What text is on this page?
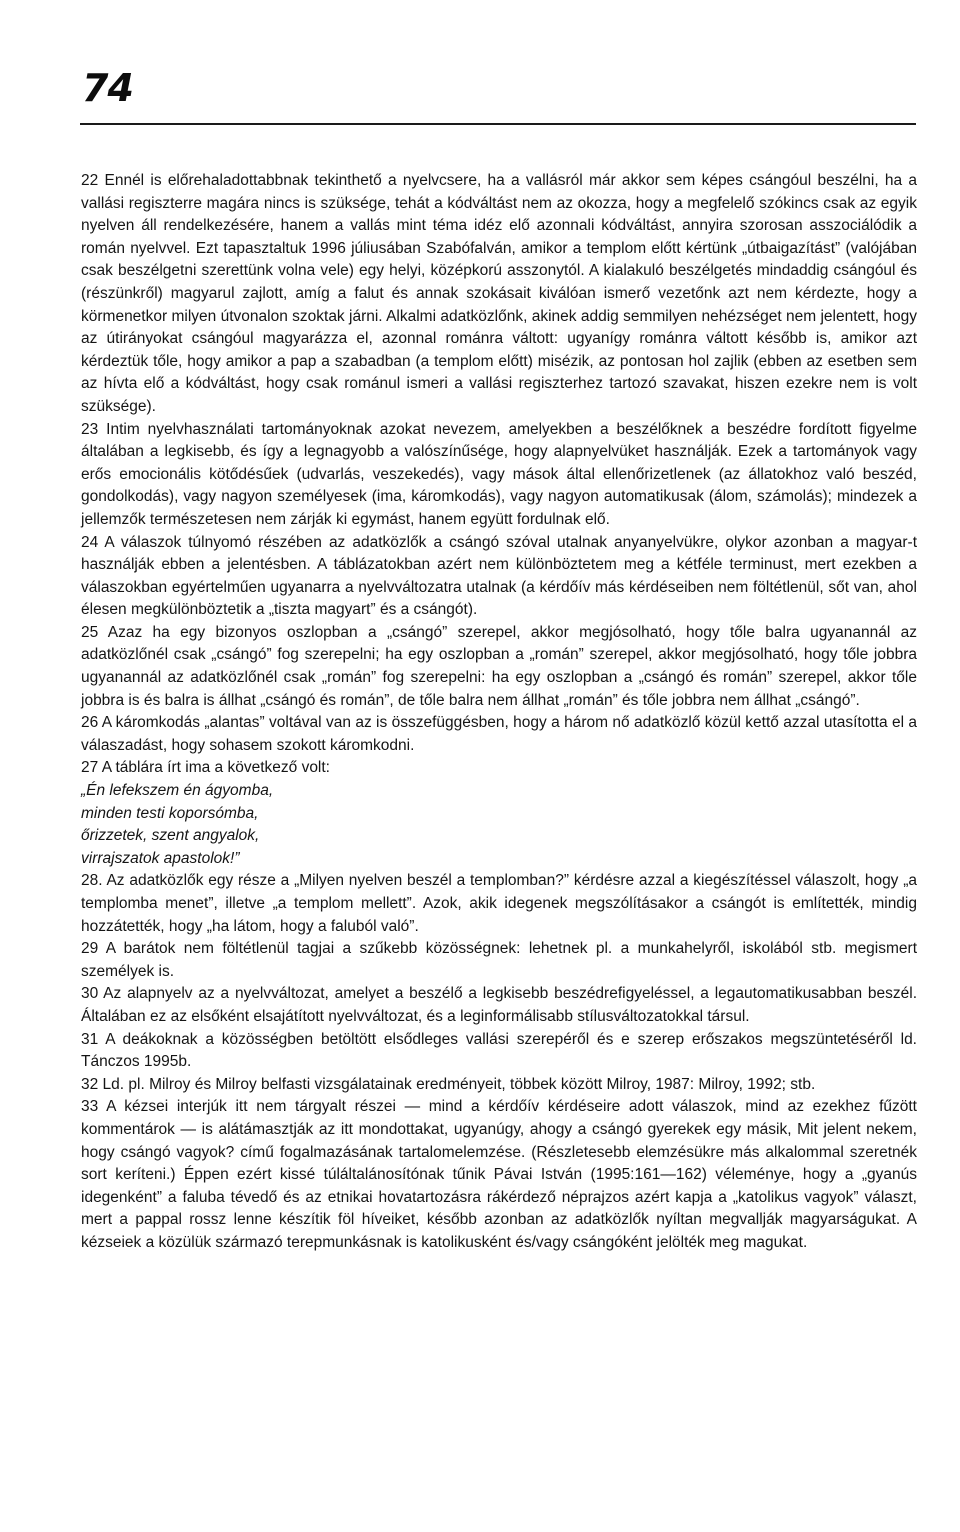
74

22 Ennél is előrehaladottabbnak tekinthető a nyelvcsere, ha a vallásról már akkor sem képes csángóul beszélni, ha a vallási regiszterre magára nincs is szüksége, tehát a kódváltást nem az okozza, hogy a megfelelő szókincs csak az egyik nyelven áll rendelkezésére, hanem a vallás mint téma idéz elő azonnali kódváltást, annyira szorosan asszociálódik a román nyelvvel. Ezt tapasztaltuk 1996 júliusában Szabófalván, amikor a templom előtt kértünk „útbaigazítást” (valójában csak beszélgetni szerettünk volna vele) egy helyi, középkorú asszonytól. A kialakuló beszélgetés mindaddig csángóul és (részünkről) magyarul zajlott, amíg a falut és annak szokásait kiválóan ismerő vezetőnk azt nem kérdezte, hogy a körmenetkor milyen útvonalon szoktak járni. Alkalmi adatközlőnk, akinek addig semmilyen nehézséget nem jelentett, hogy az útirányokat csángóul magyarázza el, azonnal románra váltott: ugyanígy románra váltott később is, amikor azt kérdeztük tőle, hogy amikor a pap a szabadban (a templom előtt) misézik, az pontosan hol zajlik (ebben az esetben sem az hívta elő a kódváltást, hogy csak románul ismeri a vallási regiszterhez tartozó szavakat, hiszen ezekre nem is volt szüksége).

23 Intim nyelvhasználati tartományoknak azokat nevezem, amelyekben a beszélőknek a beszédre fordított figyelme általában a legkisebb, és így a legnagyobb a valószínűsége, hogy alapnyelvüket használják. Ezek a tartományok vagy erős emocionális kötődésűek (udvarlás, veszekedés), vagy mások által ellenőrizetlenek (az állatokhoz való beszéd, gondolkodás), vagy nagyon személyesek (ima, káromkodás), vagy nagyon automatikusak (álom, számolás); mindezek a jellemzők természetesen nem zárják ki egymást, hanem együtt fordulnak elő.

24 A válaszok túlnyomó részében az adatközlők a csángó szóval utalnak anyanyelvükre, olykor azonban a magyar-t használják ebben a jelentésben. A táblázatokban azért nem különböztetem meg a kétféle terminust, mert ezekben a válaszokban egyértelműen ugyanarra a nyelvváltozatra utalnak (a kérdőív más kérdéseiben nem föltétlenül, sőt van, ahol élesen megkülönböztetik a „tiszta magyart” és a csángót).

25 Azaz ha egy bizonyos oszlopban a „csángó” szerepel, akkor megjósolható, hogy tőle balra ugyanannál az adatközlőnél csak „csángó” fog szerepelni; ha egy oszlopban a „román” szerepel, akkor megjósolható, hogy tőle jobbra ugyanannál az adatközlőnél csak „román” fog szerepelni: ha egy oszlopban a „csángó és román” szerepel, akkor tőle jobbra is és balra is állhat „csángó és román”, de tőle balra nem állhat „román” és tőle jobbra nem állhat „csángó”.

26 A káromkodás „alantas” voltával van az is összefüggésben, hogy a három nő adatközlő közül kettő azzal utasította el a válaszadást, hogy sohasem szokott káromkodni.

27 A táblára írt ima a következő volt:

„Én lefekszem én ágyomba,
minden testi koporsómba,
őrizzetek, szent angyalok,
virrajszatok apastolok!”

28. Az adatközlők egy része a „Milyen nyelven beszél a templomban?” kérdésre azzal a kiegészítéssel válaszolt, hogy „a templomba menet”, illetve „a templom mellett”. Azok, akik idegenek megszólításakor a csángót is említették, mindig hozzátették, hogy „ha látom, hogy a faluból való”.

29 A barátok nem föltétlenül tagjai a szűkebb közösségnek: lehetnek pl. a munkahelyről, iskolából stb. megismert személyek is.

30 Az alapnyelv az a nyelvváltozat, amelyet a beszélő a legkisebb beszédrefigyeléssel, a legautomatikusabban beszél. Általában ez az elsőként elsajátított nyelvváltozat, és a leginformálisabb stílusváltozatokkal társul.

31 A deákoknak a közösségben betöltött elsődleges vallási szerepéről és e szerep erőszakos megszüntetéséről ld. Tánczos 1995b.

32 Ld. pl. Milroy és Milroy belfasti vizsgálatainak eredményeit, többek között Milroy, 1987: Milroy, 1992; stb.

33 A kézsei interjúk itt nem tárgyalt részei — mind a kérdőív kérdéseire adott válaszok, mind az ezekhez fűzött kommentárok — is alátámasztják az itt mondottakat, ugyanúgy, ahogy a csángó gyerekek egy másik, Mit jelent nekem, hogy csángó vagyok? című fogalmazásának tartalomelemzése. (Részletesebb elemzésükre más alkalommal szeretnék sort keríteni.) Éppen ezért kissé túláltalánosítónak tűnik Pávai István (1995:161—162) véleménye, hogy a „gyanús idegenként” a faluba tévedő és az etnikai hovatartozásra rákérdező néprajzos azért kapja a „katolikus vagyok” választ, mert a pappal rossz lenne készítik föl híveiket, később azonban az adatközlők nyíltan megvallják magyarságukat. A kézseiek a közülük származó terepmunkásnak is katolikusként és/vagy csángóként jelölték meg magukat.
